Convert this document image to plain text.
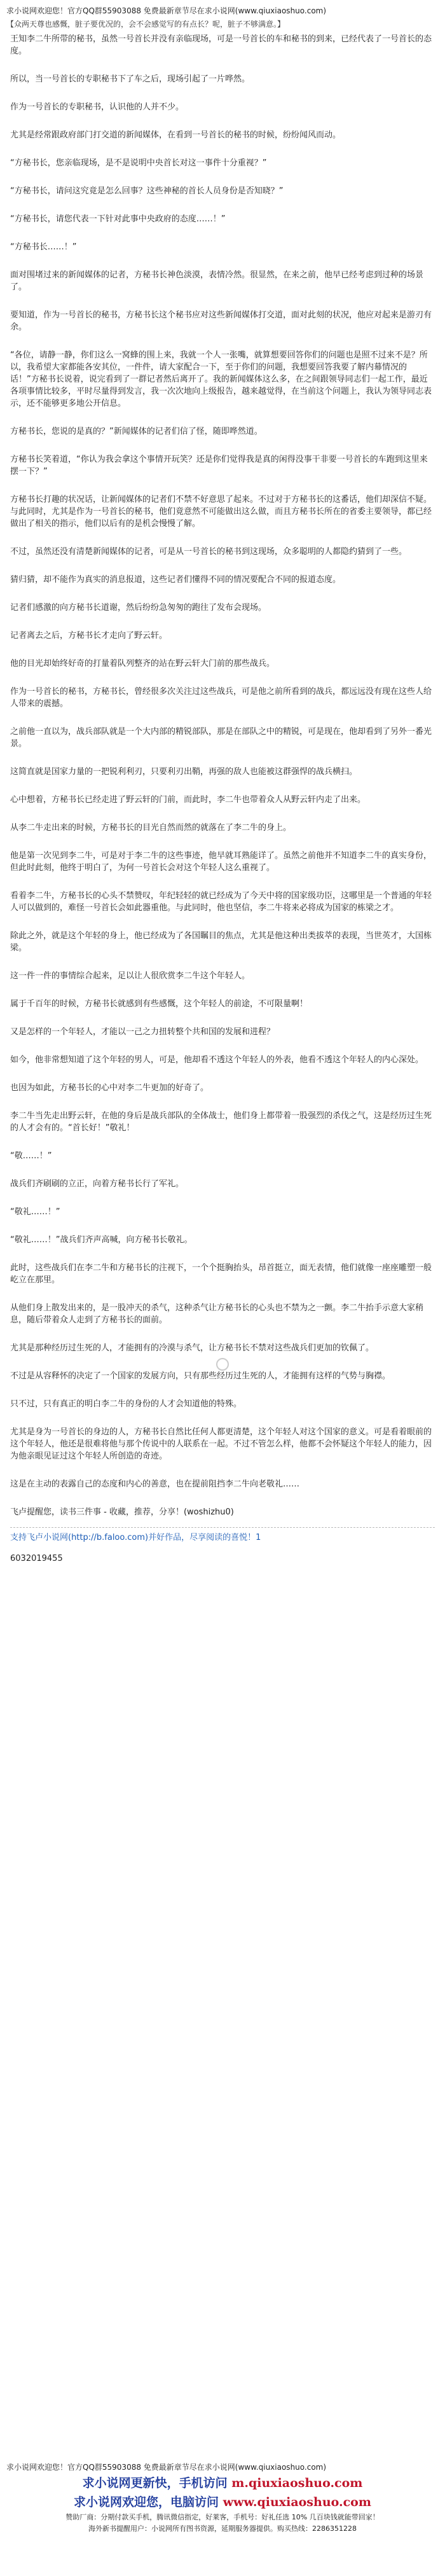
求小说网欢迎您！官方QQ群55903088 免费最新章节尽在求小说网(www.qiuxiaoshuo.com)
【众两天尊也感慨，脏子要优况的，会不会感觉写的有点长？呢，脏子不够满意。】

王知李二牛所带的秘书，虽然一号首长并没有亲临现场，可是一号首长的车和秘书的到来，已经代表了一号首长的态度。

所以，当一号首长的专职秘书下了车之后，现场引起了一片哗然。

作为一号首长的专职秘书，认识他的人并不少。

尤其是经常跟政府部门打交道的新闻媒体，在看到一号首长的秘书的时候，纷纷闻风而动。

“方秘书长，您亲临现场，是不是说明中央首长对这一事件十分重视？”

“方秘书长，请问这究竟是怎么回事？这些神秘的首长人员身份是否知晓？”

“方秘书长，请您代表一下针对此事中央政府的态度……！”

“方秘书长……！”

面对围堵过来的新闻媒体的记者，方秘书长神色淡漠，表情冷然。很显然，在来之前，他早已经考虑到过种的场景了。

要知道，作为一号首长的秘书，方秘书长这个秘书应对这些新闻媒体打交道，面对此刻的状况，他应对起来是游刃有余。

“各位，请静一静，你们这么一窝蜂的围上来，我就一个人一张嘴，就算想要回答你们的问题也是照不过来不是？所以，我希望大家都能各安其位，一件件，请大家配合一下，至于你们的问题，我想要回答我要了解内幕情况的话！”方秘书长说着，说完看到了一群记者然后离开了。我的新闻媒体这么多，在之间跟领导同志们一起工作，最近各项事情比较多，平时尽量得到发言，我一次次地向上级报告，越来越觉得，在当前这个问题上，我认为领导同志表示，还不能够更多地公开信息。

方秘书长，您说的是真的？”新闻媒体的记者们信了怪，随即哗然道。

方秘书长笑着道，“你认为我会拿这个事情开玩笑？还是你们觉得我是真的闲得没事干非要一号首长的车跑到这里来摆一下？”

方秘书长打趣的状况话，让新闻媒体的记者们不禁不好意思了起来。不过对于方秘书长的这番话，他们却深信不疑。与此同时，尤其是作为一号首长的秘书，他们竟意然不可能做出这么做，而且方秘书长所在的省委主要领导，都已经做出了相关的指示，他们以后有的是机会慢慢了解。

不过，虽然还没有清楚新闻媒体的记者，可是从一号首长的秘书到这现场，众多聪明的人都隐约猜到了一些。

猜归猜，却不能作为真实的消息报道，这些记者们懂得不同的情况要配合不同的报道态度。

记者们感激的向方秘书长道谢，然后纷纷急匆匆的跑往了发布会现场。

记者离去之后，方秘书长才走向了野云轩。

他的目光却始终好奇的打量着队列整齐的站在野云轩大门前的那些战兵。

作为一号首长的秘书，方秘书长，曾经很多次关注过这些战兵，可是他之前所看到的战兵，都远远没有现在这些人给人带来的震撼。

之前他一直以为，战兵部队就是一个大内部的精锐部队，那是在部队之中的精锐，可是现在，他却看到了另外一番光景。

这简直就是国家力量的一把锐利利刃，只要利刃出鞘，再强的敌人也能被这群强悍的战兵横扫。

心中想着，方秘书长已经走进了野云轩的门前，而此时，李二牛也带着众人从野云轩内走了出来。

从李二牛走出来的时候，方秘书长的目光自然而然的就落在了李二牛的身上。

他是第一次见到李二牛，可是对于李二牛的这些事迹，他早就耳熟能详了。虽然之前他并不知道李二牛的真实身份，但此时此刻，他终于明白了，为何一号首长会对这个年轻人这么重视了。

看着李二牛，方秘书长的心头不禁赞叹，年纪轻轻的就已经成为了今天中将的国家级功臣，这哪里是一个普通的年轻人可以做到的，难怪一号首长会如此器重他。与此同时，他也坚信，李二牛将来必将成为国家的栋梁之才。

除此之外，就是这个年轻的身上，他已经成为了各国瞩目的焦点，尤其是他这种出类拔萃的表现，当世英才，大国栋梁。

这一件一件的事情综合起来，足以让人很欣赏李二牛这个年轻人。

属于千百年的时候，方秘书长就感到有些感慨，这个年轻人的前途，不可限量啊！

又是怎样的一个年轻人，才能以一己之力扭转整个共和国的发展和进程？

如今，他非常想知道了这个年轻的男人，可是，他却看不透这个年轻人的外表，他看不透这个年轻人的内心深处。

也因为如此，方秘书长的心中对李二牛更加的好奇了。

李二牛当先走出野云轩，在他的身后是战兵部队的全体战士，他们身上都带着一股强烈的杀伐之气，这是经历过生死的人才会有的。“首长好！”敬礼！

“敬……！”

战兵们齐刷刷的立正，向着方秘书长行了军礼。

“敬礼……！”

“敬礼……！”战兵们齐声高喊，向方秘书长敬礼。

此时，这些战兵们在李二牛和方秘书长的注视下，一个个挺胸抬头，昂首挺立，面无表情，他们就像一座座雕塑一般屹立在那里。

从他们身上散发出来的，是一股冲天的杀气，这种杀气让方秘书长的心头也不禁为之一颤。李二牛抬手示意大家稍息，随后带着众人走到了方秘书长的面前。

尤其是那种经历过生死的人，才能拥有的冷漠与杀气，让方秘书长不禁对这些战兵们更加的钦佩了。

不过是从容释怀的决定了一个国家的发展方向，只有那些经历过生死的人，才能拥有这样的气势与胸襟。

只不过，只有真正的明白李二牛的身份的人才会知道他的特殊。

尤其是身为一号首长的身边的人，方秘书长自然比任何人都更清楚，这个年轻人对这个国家的意义。可是看着眼前的这个年轻人，他还是很难将他与那个传说中的人联系在一起。不过不管怎么样，他都不会怀疑这个年轻人的能力，因为他亲眼见证过这个年轻人所创造的奇迹。

这是在主动的表露自己的态度和内心的善意，也在提前阻挡李二牛向老敬礼……

飞卢提醒您，读书三件事 - 收藏，推荐，分享！(woshizhu0)

支持飞卢小说网(http://b.faloo.com)并好作品，尽享阅读的喜悦！1

6032019455

求小说网欢迎您！官方QQ群55903088 免费最新章节尽在求小说网(www.qiuxiaoshuo.com)
求小说网更新快，手机访问 m.qiuxiaoshuo.com
求小说网欢迎您，电脑访问 www.qiuxiaoshuo.com
赞助厂商：分期付款买手机，腾讯微信指定，好莱客，手机号：好礼任选 10% 几百块钱就能带回家！
海外新书提醒用户：小说网所有图书资源，延期服务器提供。购买热线：2286351228
